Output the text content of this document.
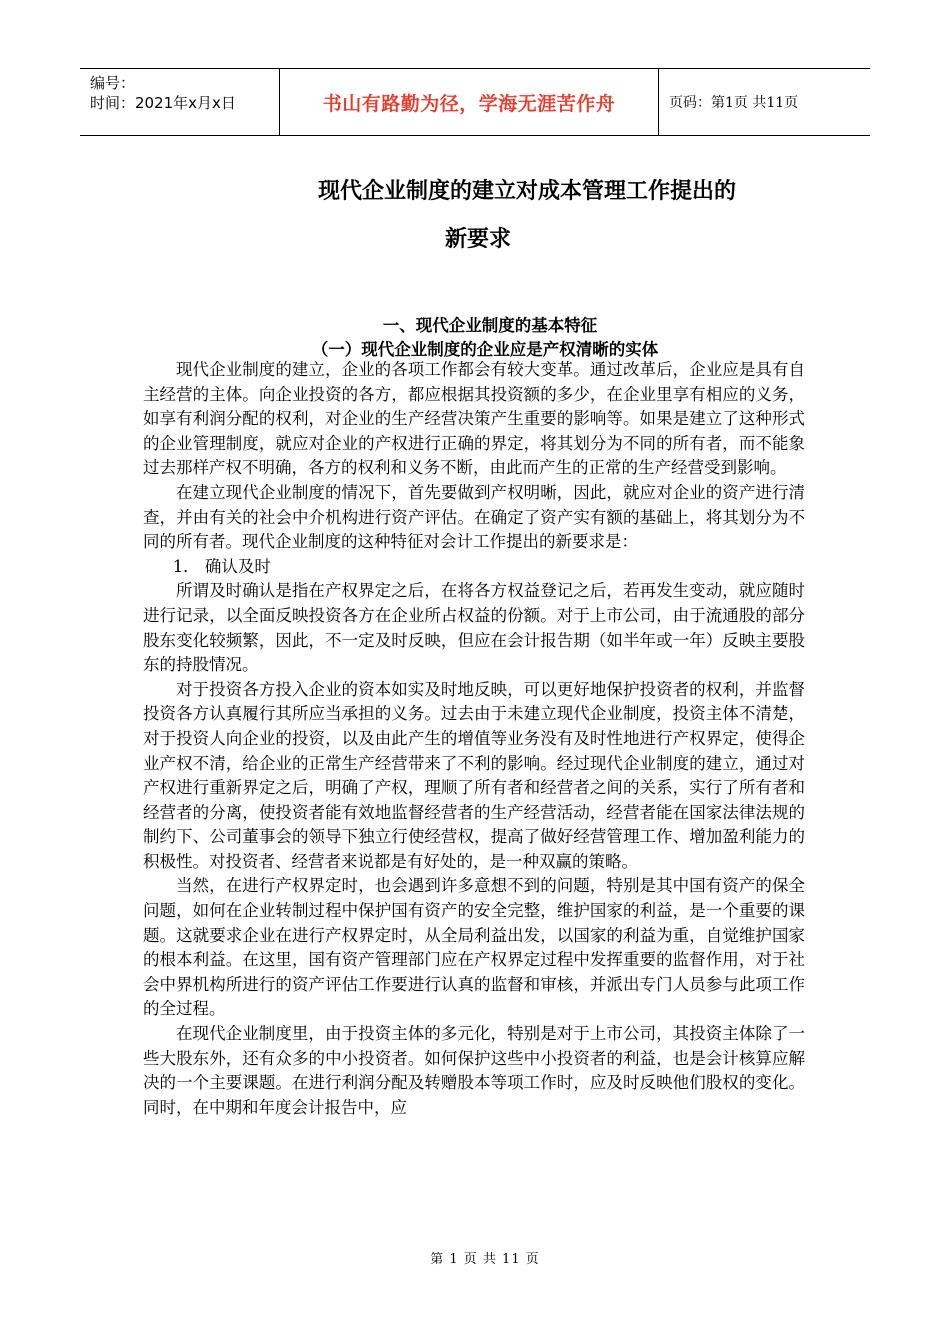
编号：
时间：2021年x月x日	书山有路勤为径，学海无涯苦作舟	页码：第1页 共11页
现代企业制度的建立对成本管理工作提出的
新要求
一、现代企业制度的基本特征
（一）现代企业制度的企业应是产权清晰的实体

现代企业制度的建立，企业的各项工作都会有较大变革。通过改革后，企业应是具有自主经营的主体。向企业投资的各方，都应根据其投资额的多少，在企业里享有相应的义务，如享有利润分配的权利，对企业的生产经营决策产生重要的影响等。如果是建立了这种形式的企业管理制度，就应对企业的产权进行正确的界定，将其划分为不同的所有者，而不能象过去那样产权不明确，各方的权利和义务不断，由此而产生的正常的生产经营受到影响。

在建立现代企业制度的情况下，首先要做到产权明晰，因此，就应对企业的资产进行清查，并由有关的社会中介机构进行资产评估。在确定了资产实有额的基础上，将其划分为不同的所有者。现代企业制度的这种特征对会计工作提出的新要求是：

1． 确认及时

所谓及时确认是指在产权界定之后，在将各方权益登记之后，若再发生变动，就应随时进行记录，以全面反映投资各方在企业所占权益的份额。对于上市公司，由于流通股的部分股东变化较频繁，因此，不一定及时反映，但应在会计报告期（如半年或一年）反映主要股东的持股情况。

对于投资各方投入企业的资本如实及时地反映，可以更好地保护投资者的权利，并监督投资各方认真履行其所应当承担的义务。过去由于未建立现代企业制度，投资主体不清楚，对于投资人向企业的投资，以及由此产生的增值等业务没有及时性地进行产权界定，使得企业产权不清，给企业的正常生产经营带来了不利的影响。经过现代企业制度的建立，通过对产权进行重新界定之后，明确了产权，理顺了所有者和经营者之间的关系，实行了所有者和经营者的分离，使投资者能有效地监督经营者的生产经营活动，经营者能在国家法律法规的制约下、公司董事会的领导下独立行使经营权，提高了做好经营管理工作、增加盈利能力的积极性。对投资者、经营者来说都是有好处的，是一种双赢的策略。

当然，在进行产权界定时，也会遇到许多意想不到的问题，特别是其中国有资产的保全问题，如何在企业转制过程中保护国有资产的安全完整，维护国家的利益，是一个重要的课题。这就要求企业在进行产权界定时，从全局利益出发，以国家的利益为重，自觉维护国家的根本利益。在这里，国有资产管理部门应在产权界定过程中发挥重要的监督作用，对于社会中界机构所进行的资产评估工作要进行认真的监督和审核，并派出专门人员参与此项工作的全过程。

在现代企业制度里，由于投资主体的多元化，特别是对于上市公司，其投资主体除了一些大股东外，还有众多的中小投资者。如何保护这些中小投资者的利益，也是会计核算应解决的一个主要课题。在进行利润分配及转赠股本等项工作时，应及时反映他们股权的变化。同时，在中期和年度会计报告中，应

第 1 页 共 11 页
